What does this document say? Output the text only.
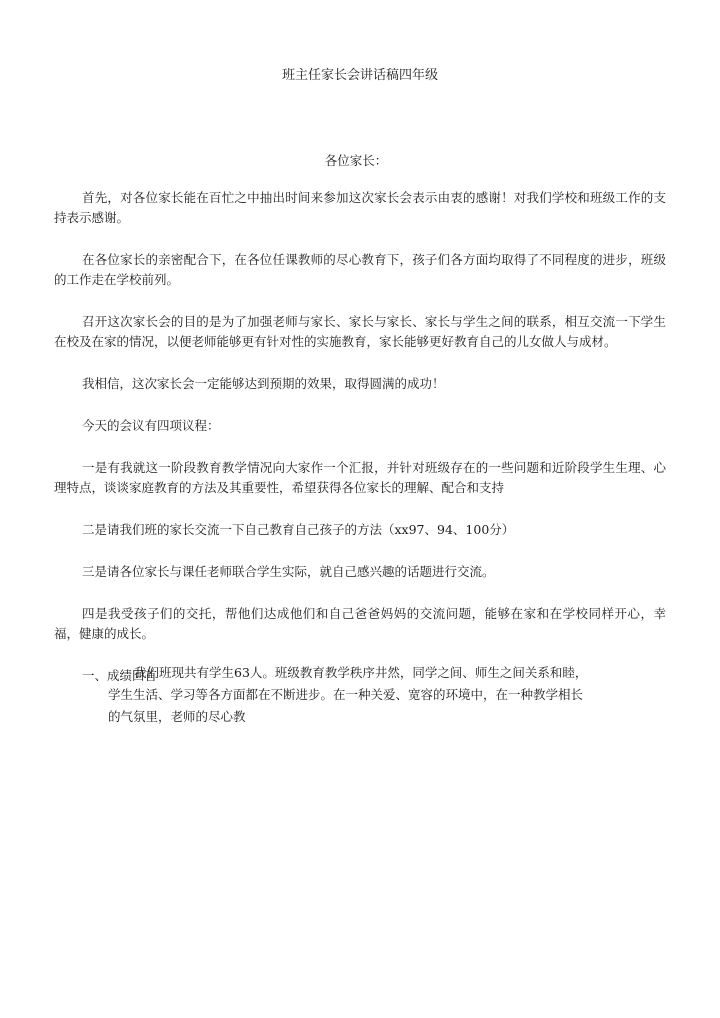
班主任家长会讲话稿四年级

各位家长：

首先，对各位家长能在百忙之中抽出时间来参加这次家长会表示由衷的感谢！对我们学校和班级工作的支持表示感谢。

在各位家长的亲密配合下，在各位任课教师的尽心教育下，孩子们各方面均取得了不同程度的进步，班级的工作走在学校前列。

召开这次家长会的目的是为了加强老师与家长、家长与家长、家长与学生之间的联系，相互交流一下学生在校及在家的情况，以便老师能够更有针对性的实施教育，家长能够更好教育自己的儿女做人与成材。

我相信，这次家长会一定能够达到预期的效果，取得圆满的成功！

今天的会议有四项议程：

一是有我就这一阶段教育教学情况向大家作一个汇报，并针对班级存在的一些问题和近阶段学生生理、心理特点，谈谈家庭教育的方法及其重要性，希望获得各位家长的理解、配合和支持

二是请我们班的家长交流一下自己教育自己孩子的方法（xx97、94、100分）

三是请各位家长与课任老师联合学生实际，就自己感兴趣的话题进行交流。

四是我受孩子们的交托，帮他们达成他们和自己爸爸妈妈的交流问题，能够在家和在学校同样开心，幸福，健康的成长。

一、成绩回首

我们班现共有学生63人。班级教育教学秩序井然，同学之间、师生之间关系和睦，学生生活、学习等各方面都在不断进步。在一种关爱、宽容的环境中，在一种教学相长的气氛里，老师的尽心教
